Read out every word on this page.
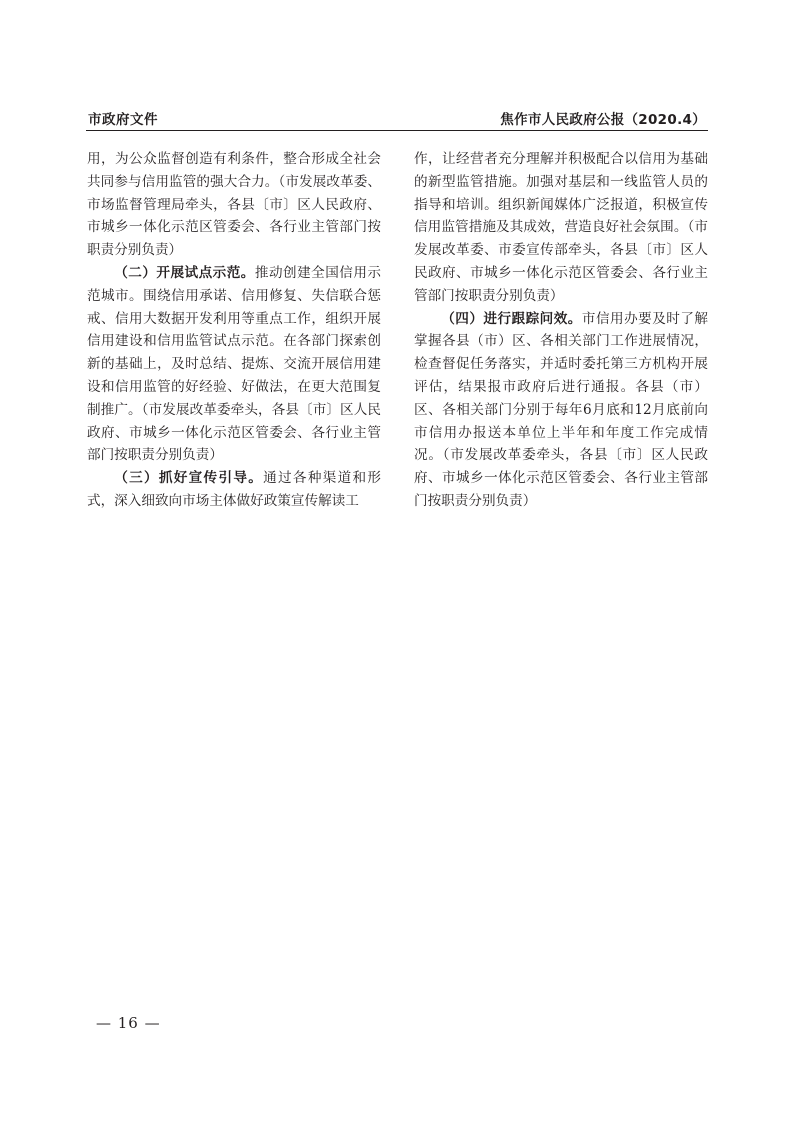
市政府文件	焦作市人民政府公报（2020.4）

用，为公众监督创造有利条件，整合形成全社会共同参与信用监管的强大合力。（市发展改革委、市场监督管理局牵头，各县〔市〕区人民政府、市城乡一体化示范区管委会、各行业主管部门按职责分别负责）

（二）开展试点示范。推动创建全国信用示范城市。围绕信用承诺、信用修复、失信联合惩戒、信用大数据开发利用等重点工作，组织开展信用建设和信用监管试点示范。在各部门探索创新的基础上，及时总结、提炼、交流开展信用建设和信用监管的好经验、好做法，在更大范围复制推广。（市发展改革委牵头，各县〔市〕区人民政府、市城乡一体化示范区管委会、各行业主管部门按职责分别负责）

（三）抓好宣传引导。通过各种渠道和形式，深入细致向市场主体做好政策宣传解读工

作，让经营者充分理解并积极配合以信用为基础的新型监管措施。加强对基层和一线监管人员的指导和培训。组织新闻媒体广泛报道，积极宣传信用监管措施及其成效，营造良好社会氛围。（市发展改革委、市委宣传部牵头，各县〔市〕区人民政府、市城乡一体化示范区管委会、各行业主管部门按职责分别负责）

（四）进行跟踪问效。市信用办要及时了解掌握各县（市）区、各相关部门工作进展情况，检查督促任务落实，并适时委托第三方机构开展评估，结果报市政府后进行通报。各县（市）区、各相关部门分别于每年6月底和12月底前向市信用办报送本单位上半年和年度工作完成情况。（市发展改革委牵头，各县〔市〕区人民政府、市城乡一体化示范区管委会、各行业主管部门按职责分别负责）

— 16 —
